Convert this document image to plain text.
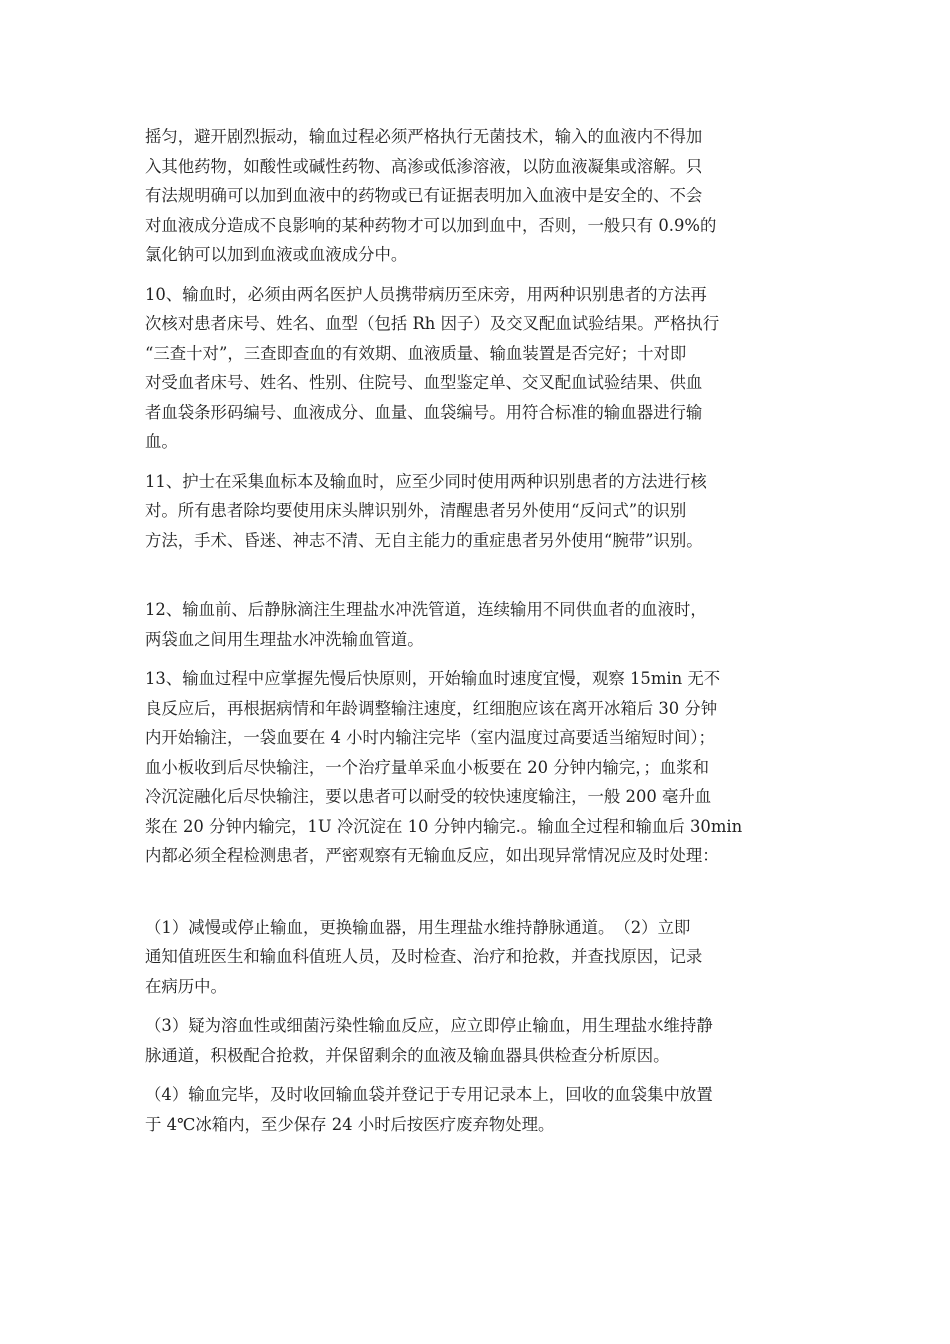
摇匀，避开剧烈振动，输血过程必须严格执行无菌技术，输入的血液内不得加
入其他药物，如酸性或碱性药物、高渗或低渗溶液，以防血液凝集或溶解。只
有法规明确可以加到血液中的药物或已有证据表明加入血液中是安全的、不会
对血液成分造成不良影响的某种药物才可以加到血中，否则，一般只有 0.9%的
氯化钠可以加到血液或血液成分中。

10、输血时，必须由两名医护人员携带病历至床旁，用两种识别患者的方法再
次核对患者床号、姓名、血型（包括 Rh 因子）及交叉配血试验结果。严格执行
“三查十对”，三查即查血的有效期、血液质量、输血装置是否完好；十对即
对受血者床号、姓名、性别、住院号、血型鉴定单、交叉配血试验结果、供血
者血袋条形码编号、血液成分、血量、血袋编号。用符合标准的输血器进行输
血。

11、护士在采集血标本及输血时，应至少同时使用两种识别患者的方法进行核
对。所有患者除均要使用床头牌识别外，清醒患者另外使用“反问式”的识别
方法，手术、昏迷、神志不清、无自主能力的重症患者另外使用“腕带”识别。

12、输血前、后静脉滴注生理盐水冲洗管道，连续输用不同供血者的血液时，
两袋血之间用生理盐水冲洗输血管道。

13、输血过程中应掌握先慢后快原则，开始输血时速度宜慢，观察 15min 无不
良反应后，再根据病情和年龄调整输注速度，红细胞应该在离开冰箱后 30 分钟
内开始输注，一袋血要在 4 小时内输注完毕（室内温度过高要适当缩短时间）；
血小板收到后尽快输注，一个治疗量单采血小板要在 20 分钟内输完，；血浆和
冷沉淀融化后尽快输注，要以患者可以耐受的较快速度输注，一般 200 毫升血
浆在 20 分钟内输完，1U 冷沉淀在 10 分钟内输完.。输血全过程和输血后 30min
内都必须全程检测患者，严密观察有无输血反应，如出现异常情况应及时处理：

（1）减慢或停止输血，更换输血器，用生理盐水维持静脉通道。　（2）立即
通知值班医生和输血科值班人员，及时检查、治疗和抢救，并查找原因，记录
在病历中。

（3）疑为溶血性或细菌污染性输血反应，应立即停止输血，用生理盐水维持静
脉通道，积极配合抢救，并保留剩余的血液及输血器具供检查分析原因。

（4）输血完毕，及时收回输血袋并登记于专用记录本上，回收的血袋集中放置
于 4℃冰箱内，至少保存 24 小时后按医疗废弃物处理。
